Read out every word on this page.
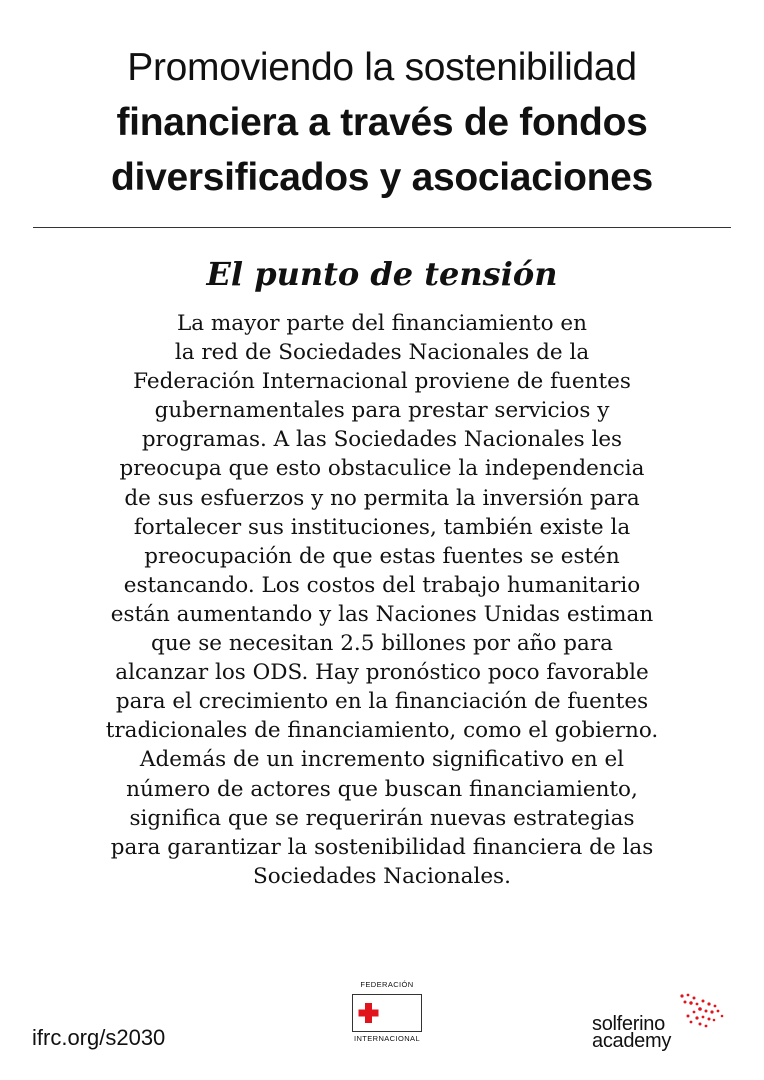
Promoviendo la sostenibilidad
financiera a través de fondos
diversificados y asociaciones
El punto de tensión
La mayor parte del financiamiento en
la red de Sociedades Nacionales de la
Federación Internacional proviene de fuentes
gubernamentales para prestar servicios y
programas. A las Sociedades Nacionales les
preocupa que esto obstaculice la independencia
de sus esfuerzos y no permita la inversión para
fortalecer sus instituciones, también existe la
preocupación de que estas fuentes se estén
estancando. Los costos del trabajo humanitario
están aumentando y las Naciones Unidas estiman
que se necesitan 2.5 billones por año para
alcanzar los ODS. Hay pronóstico poco favorable
para el crecimiento en la financiación de fuentes
tradicionales de financiamiento, como el gobierno.
Además de un incremento significativo en el
número de actores que buscan financiamiento,
significa que se requerirán nuevas estrategias
para garantizar la sostenibilidad financiera de las
Sociedades Nacionales.
ifrc.org/s2030
FEDERACIÓN
INTERNACIONAL
solferino
academy
